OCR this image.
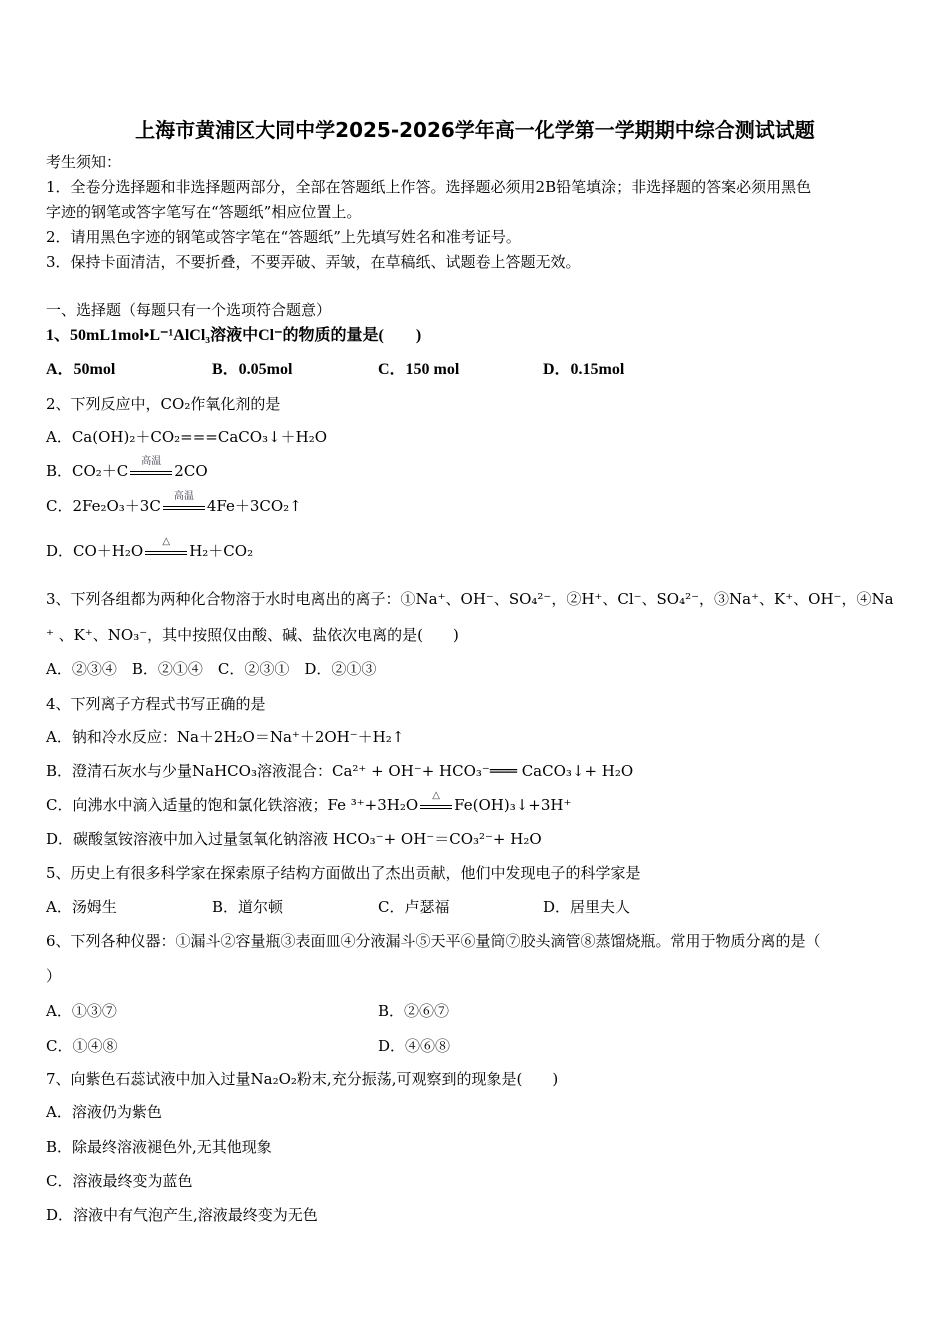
上海市黄浦区大同中学2025-2026学年高一化学第一学期期中综合测试试题
考生须知：
1．全卷分选择题和非选择题两部分，全部在答题纸上作答。选择题必须用2B铅笔填涂；非选择题的答案必须用黑色
字迹的钢笔或答字笔写在“答题纸”相应位置上。
2．请用黑色字迹的钢笔或答字笔在“答题纸”上先填写姓名和准考证号。
3．保持卡面清洁，不要折叠，不要弄破、弄皱，在草稿纸、试题卷上答题无效。
一、选择题（每题只有一个选项符合题意）
1、50mL1mol•L⁻¹AlCl₃溶液中Cl⁻的物质的量是(　　)
A．50mol	B．0.05mol	C．150 mol	D．0.15mol
2、下列反应中，CO₂作氧化剂的是
A．Ca(OH)₂＋CO₂===CaCO₃↓＋H₂O
B．CO₂＋C
高温
2CO
C．2Fe₂O₃＋3C
高温
4Fe＋3CO₂↑
D．CO＋H₂O
△
H₂＋CO₂
3、下列各组都为两种化合物溶于水时电离出的离子：①Na⁺、OH⁻、SO₄²⁻，②H⁺、Cl⁻、SO₄²⁻，③Na⁺、K⁺、OH⁻，④Na
⁺ 、K⁺、NO₃⁻，其中按照仅由酸、碱、盐依次电离的是(　　)
A．②③④　B．②①④　C．②③①　D．②①③
4、下列离子方程式书写正确的是
A．钠和冷水反应：Na＋2H₂O＝Na⁺＋2OH⁻＋H₂↑
B．澄清石灰水与少量NaHCO₃溶液混合：Ca²⁺ + OH⁻+ HCO₃⁻═══ CaCO₃↓+ H₂O
C．向沸水中滴入适量的饱和氯化铁溶液；Fe ³⁺+3H₂O
△
Fe(OH)₃↓+3H⁺
D．碳酸氢铵溶液中加入过量氢氧化钠溶液 HCO₃⁻+ OH⁻＝CO₃²⁻+ H₂O
5、历史上有很多科学家在探索原子结构方面做出了杰出贡献，他们中发现电子的科学家是
A．汤姆生	B．道尔顿	C．卢瑟福	D．居里夫人
6、下列各种仪器：①漏斗②容量瓶③表面皿④分液漏斗⑤天平⑥量筒⑦胶头滴管⑧蒸馏烧瓶。常用于物质分离的是（
）
A．①③⑦	B．②⑥⑦
C．①④⑧	D．④⑥⑧
7、向紫色石蕊试液中加入过量Na₂O₂粉末,充分振荡,可观察到的现象是(　　)
A．溶液仍为紫色
B．除最终溶液褪色外,无其他现象
C．溶液最终变为蓝色
D．溶液中有气泡产生,溶液最终变为无色
